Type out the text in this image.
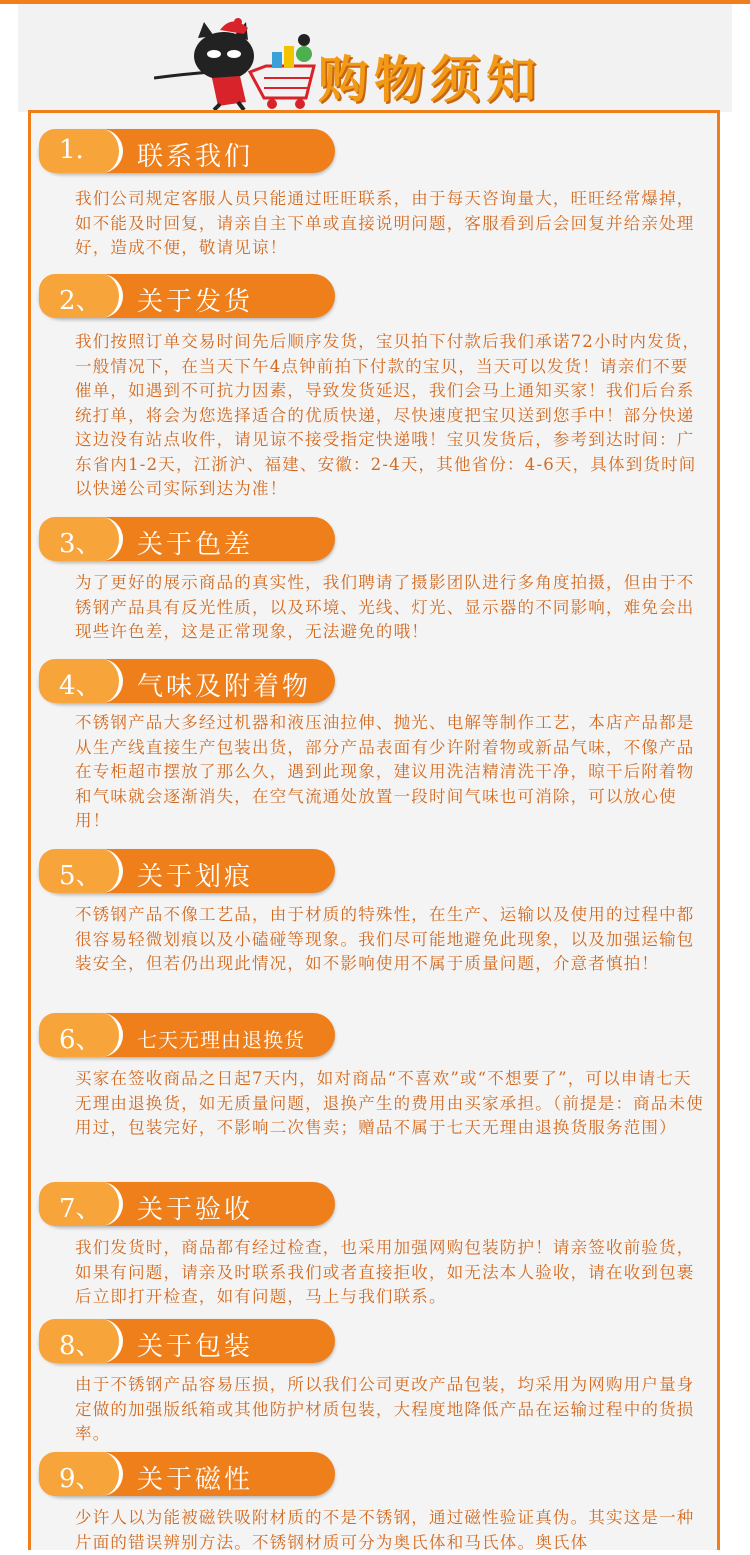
购物须知
1. 联系我们
我们公司规定客服人员只能通过旺旺联系，由于每天咨询量大，旺旺经常爆掉，如不能及时回复，请亲自主下单或直接说明问题，客服看到后会回复并给亲处理好，造成不便，敬请见谅！
2、 关于发货
我们按照订单交易时间先后顺序发货，宝贝拍下付款后我们承诺72小时内发货，一般情况下，在当天下午4点钟前拍下付款的宝贝，当天可以发货！请亲们不要催单，如遇到不可抗力因素，导致发货延迟，我们会马上通知买家！我们后台系统打单，将会为您选择适合的优质快递，尽快速度把宝贝送到您手中！部分快递这边没有站点收件，请见谅不接受指定快递哦！宝贝发货后，参考到达时间：广东省内1-2天，江浙沪、福建、安徽：2-4天，其他省份：4-6天，具体到货时间以快递公司实际到达为准！
3、 关于色差
为了更好的展示商品的真实性，我们聘请了摄影团队进行多角度拍摄，但由于不锈钢产品具有反光性质，以及环境、光线、灯光、显示器的不同影响，难免会出现些许色差，这是正常现象，无法避免的哦！
4、 气味及附着物
不锈钢产品大多经过机器和液压油拉伸、抛光、电解等制作工艺，本店产品都是从生产线直接生产包装出货，部分产品表面有少许附着物或新品气味，不像产品在专柜超市摆放了那么久，遇到此现象，建议用洗洁精清洗干净，晾干后附着物和气味就会逐渐消失，在空气流通处放置一段时间气味也可消除，可以放心使用！
5、 关于划痕
不锈钢产品不像工艺品，由于材质的特殊性，在生产、运输以及使用的过程中都很容易轻微划痕以及小磕碰等现象。我们尽可能地避免此现象，以及加强运输包装安全，但若仍出现此情况，如不影响使用不属于质量问题，介意者慎拍！
6、 七天无理由退换货
买家在签收商品之日起7天内，如对商品“不喜欢”或“不想要了”，可以申请七天无理由退换货，如无质量问题，退换产生的费用由买家承担。（前提是：商品未使用过，包装完好，不影响二次售卖；赠品不属于七天无理由退换货服务范围）
7、 关于验收
我们发货时，商品都有经过检查，也采用加强网购包装防护！请亲签收前验货，如果有问题，请亲及时联系我们或者直接拒收，如无法本人验收，请在收到包裹后立即打开检查，如有问题，马上与我们联系。
8、 关于包装
由于不锈钢产品容易压损，所以我们公司更改产品包装，均采用为网购用户量身定做的加强版纸箱或其他防护材质包装，大程度地降低产品在运输过程中的货损率。
9、 关于磁性
少许人以为能被磁铁吸附材质的不是不锈钢，通过磁性验证真伪。其实这是一种片面的错误辨别方法。不锈钢材质可分为奥氏体和马氏体。奥氏体
